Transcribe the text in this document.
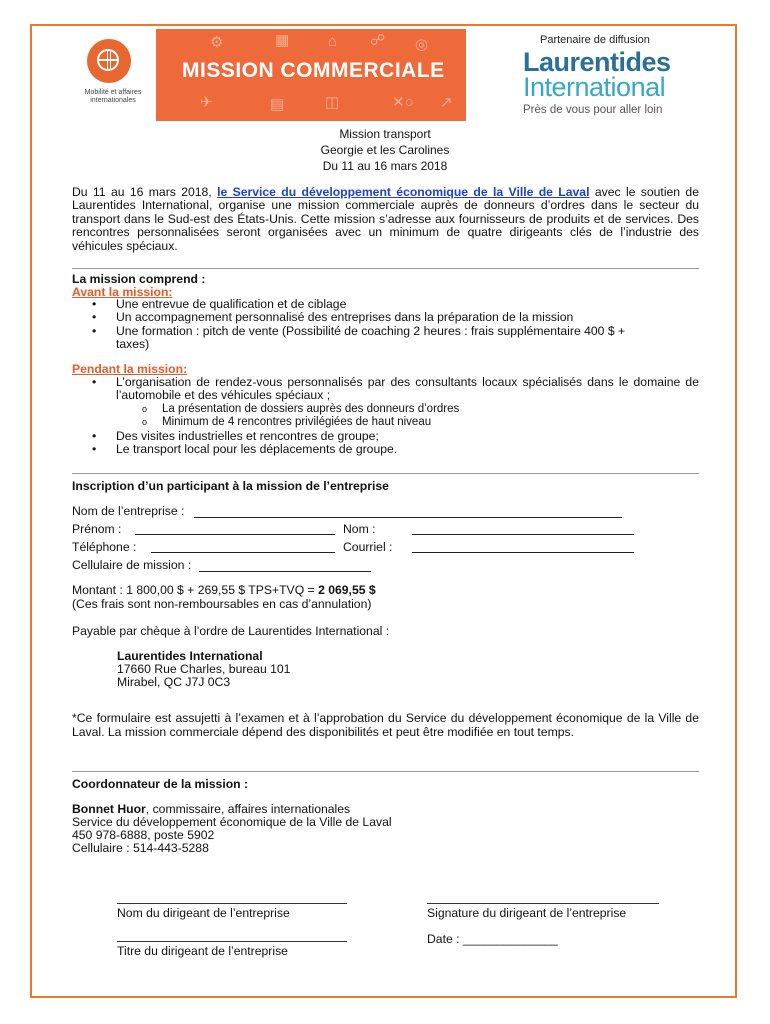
Mobilité et affaires internationales
⚙	▦	⌂ ☍ ◎
✈	▤	◫	✕○ ↗
MISSION COMMERCIALE
Partenaire de diffusion
Laurentides
International
Près de vous pour aller loin
Mission transport
Georgie et les Carolines
Du 11 au 16 mars 2018
Du 11 au 16 mars 2018, le Service du développement économique de la Ville de Laval avec le soutien de Laurentides International, organise une mission commerciale auprès de donneurs d’ordres dans le secteur du transport dans le Sud-est des États-Unis. Cette mission s’adresse aux fournisseurs de produits et de services. Des rencontres personnalisées seront organisées avec un minimum de quatre dirigeants clés de l’industrie des véhicules spéciaux.
La mission comprend :
Avant la mission:
• Une entrevue de qualification et de ciblage
• Un accompagnement personnalisé des entreprises dans la préparation de la mission
• Une formation : pitch de vente (Possibilité de coaching 2 heures : frais supplémentaire 400 $ + taxes)
Pendant la mission:
• L’organisation de rendez-vous personnalisés par des consultants locaux spécialisés dans le domaine de l’automobile et des véhicules spéciaux ;
o La présentation de dossiers auprès des donneurs d’ordres
o Minimum de 4 rencontres privilégiées de haut niveau
• Des visites industrielles et rencontres de groupe;
• Le transport local pour les déplacements de groupe.
Inscription d’un participant à la mission de l’entreprise
Nom de l’entreprise :
Prénom :	Nom :
Téléphone :	Courriel :
Cellulaire de mission :
Montant : 1 800,00 $ + 269,55 $ TPS+TVQ = 2 069,55 $
(Ces frais sont non-remboursables en cas d’annulation)
Payable par chèque à l’ordre de Laurentides International :
Laurentides International
17660 Rue Charles, bureau 101
Mirabel, QC J7J 0C3
*Ce formulaire est assujetti à l’examen et à l’approbation du Service du développement économique de la Ville de Laval. La mission commerciale dépend des disponibilités et peut être modifiée en tout temps.
Coordonnateur de la mission :
Bonnet Huor, commissaire, affaires internationales
Service du développement économique de la Ville de Laval
450 978-6888, poste 5902
Cellulaire : 514-443-5288
Nom du dirigeant de l’entreprise	Signature du dirigeant de l’entreprise
Titre du dirigeant de l’entreprise
Date : ______________
